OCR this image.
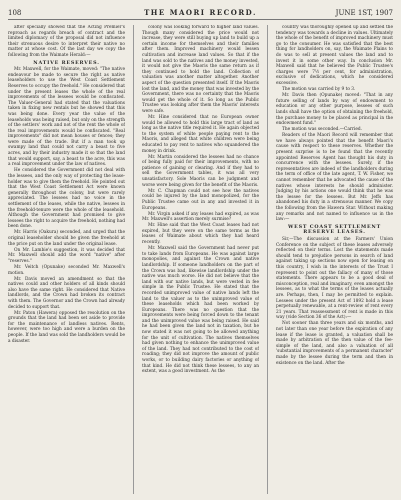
108	THE MAORI RECORD.	JUNE 1ST, 1907

after specially showed that the Acting Premier's reproach as regards breach of contract and the limited diplomacy of the proposal did not influence their strenuous desire to interpret their native no matter at whose cost. Of the last day we copy the following from the Waimate Herald:—

NATIVE RESERVES.

Mr. Maxwell, for the Waimate, moved: "The native endeavour be made to secure the right as native leaseholders to use the West Coast Settlement Reserves to occupy the freehold." He considered that under the present leases the whole of the real improvements of the lessees would be confiscated. The Valuer-General had stated that the valuations taken in fixing new rentals but he showed that this was being done. Every year the value of the leaseholds was being raised, but only on the strength of the settlers' work and not of the rent the whole of the real improvements would be confiscated. "Real improvements" did not mean houses or fences; they were made of the trade. But if a man took up swampy land that could not carry a beast to five acres, and by their industry made it so that the land that would support, say, a beast to the acre, this was a real improvement under the law of natives.

He considered the Government did not deal with the lessees, and the only way of protecting the lease-holder was to give them the freehold. He pointed out that the West Coast Settlement Act were known generally throughout the colony, but were rarely appreciated. The lessees had no voice in the settlement of the leases, while the native, lessees in the freehold-tenure were the whole of the leasehold. Although the Government had promised to give lessees the right to acquire the freehold, nothing had been done.

Mr. Harris (Oakura) seconded, and urged that the original leaseholder should be given the freehold at the price put on the land under the original lease.

On Mr. Lambie's suggestion, it was decided that Mr. Maxwell should add the word "native" after "reserves."

Mr. Veitch (Opunake) seconded Mr. Maxwell's motion.

Mr. Davis moved an amendment so that the natives could and other holders of all kinds should also have the same right. He considered that Native landlords, and the Crown had broken its contract with them. The Governor and the Crown had already decided to support that.

Mr. Paton (Hawera) opposed the resolution on the grounds that the land had been set aside to provide for the maintenance of landless natives. Rents, however, were too high and were a burden on the people. If the land was sold the landholders would be a disaster.

colony was looking forward to higher land values. Though many considered the price would not increase, they were still buying up land to build up a certain income for themselves and their families after them. Improved machinery would lessen cultivation and increase land values. So that if the land was sold to the natives and the money invested, it would not give the Maoris the same return as if they continued to hold the land. Collection of valuation was another matter altogether. Another aspect of the question presented itself. If the Maoris lost the land, and the money that was invested by the Government, there was no certainty that the Maoris would get the whole of it. So long as the Public Trustee was looking after them the Maoris' interests were safe.

Mr. Hine considered that no European owner would be allowed to hold this large tract of land as long as the native title required it. He again objected to the system of white people paying rent to the Maoris, and alleged that white children were being educated to pay rent to natives who squandered the money in drink.

Mr. Martin considered the lessees had no chance of being fully paid for their improvements, with no patience of gaining or clearing. And if they had to sell the Government tables, it was all very unsatisfactory. Sole Maoris can be judgment and worse were being given for the benefit of the Maoris.

Mr. C. Chapman could not see how the natives could be injured by the land monopolized, for the Public Trustee came out in any and invested it in Europeans.

Mr. Virgin asked if any leases had expired, as was Mr. Maxwell's assertion merely surmise?

Mr. Hine said that the West Coast leases had not expired, but they were on the same terms as the leases of Waimate about which they had heard recently.

Mr. Maxwell said the Government had never put to take lands from Europeans. He was against large monopolies, and against the Crown and native landlordship. If someone landholders on the part of the Crown was bad, likewise landlordship under the native was much worse. He did not believe that the land with our native lands, but were vested in fee simple in the Public Trustee. He stated that the recorded unimproved value of native lands left the land to the valuer as to the unimproved value of these leaseholds which had been worked by Europeans. There was no question that the improvements were being forced down to the tenant and the unimproved value was being raised. He said he had been given the land not in taxation, but he now stated it was not going to be allowed anything for the unit of cultivation. The natives themselves had given nothing to enhance the unimproved value of the land. They had not contributed to the cost of roading; they did not improve the amount of public works, or to building dairy factories or anything of that kind. He did not think these lessees, to any an extent, was a good investment. As the

country was thoroughly opened up and settled the tendency was towards a decline in values. Ultimately the whole of the benefit of improved machinery must go to the consumer. He was satisfied that the best thing for landholders on, say, the Waimate Plains to do was to sell at present values the land and to invest it in some other way. In conclusion Mr. Maxwell said that he believed the Public Trustee's charges were 7½ per cent, for administration, exclusive of dedications, which he considered excessive.

The motion was carried by 9 to 3.

Mr. Davis then (Opunake) moved: "That in any future selling of lands by way of endowment to education or any other purpose, lessees of such lands shall have the option of obtaining the freehold, the purchase money to be placed as principal in the endowment fund."

The motion was seconded.—Carried.

Readers of the Maori Record will remember that we have always pointed that the benefit Maori's cause with respect to these reserves. Whether the present surprise is to be found that the recently appointed Reserves Agent has thought his duty in concurrence with the lessees. Surely, if the representatives are indeed of the landholders during the term of office of the late agent, T. W. Fisher, we cannot remember that he advocated the cause of the natives whose interests he should administer. Judging by his actions one would think that he was the lessee for the lessees. But Mr. Jeffs has abandoned his duty in a strenuous manner. We copy the following from the Hawera Star. Without making any remarks and not named to influence us in the law:—

WEST COAST SETTLEMENT RESERVE LEASES.

Sir,—The discussion at the Farmers' Union Conference on the subject of these leases adversely reflected on their terms. Lost the statements made should tend to prejudice persons in search of land against taking up sections now open for leasing on this country, I wish in the interests of the Trust I represent to point out the fallacy of many of those statements. There appears to be a good deal of misconception, real and imaginary, even amongst the lessees, as to what the terms of the leases actually are. Perhaps, then, I may be permitted to explain. Lessees under the present Act of 1892 hold a lease perpetually renewable, at a rent-review of rent every 21 years. That reassessment of rent is made in this way (vide Section 36 of the Act):—

Not sooner than three years and six months, and not later than one year before the expiration of any lease if the lease is granted, a valuation shall be made by arbitration of the then value of the fee-simple of the land, and also a valuation of all 'substantial improvements of a permanent character' made by the lessee during the term and then in existence on the land. After the
